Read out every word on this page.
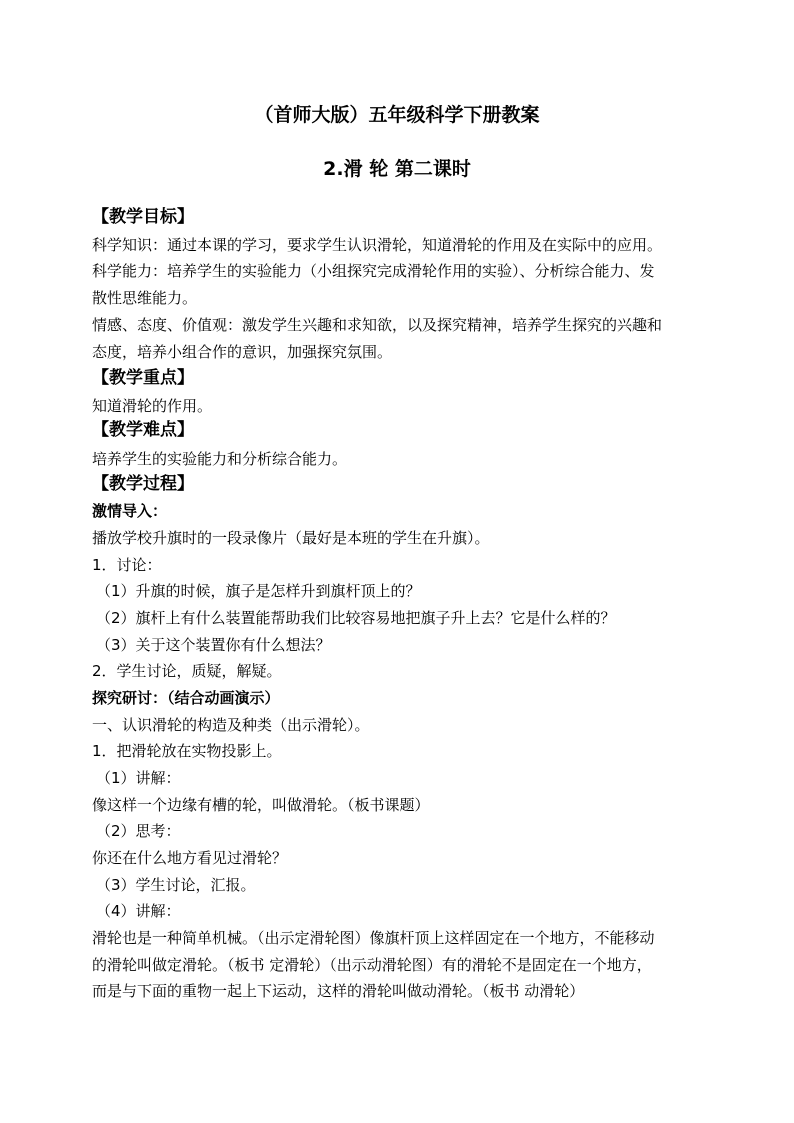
（首师大版）五年级科学下册教案
2.滑 轮 第二课时
【教学目标】
科学知识：通过本课的学习，要求学生认识滑轮，知道滑轮的作用及在实际中的应用。
科学能力：培养学生的实验能力（小组探究完成滑轮作用的实验）、分析综合能力、发
散性思维能力。
情感、态度、价值观：激发学生兴趣和求知欲，以及探究精神，培养学生探究的兴趣和
态度，培养小组合作的意识，加强探究氛围。
【教学重点】
知道滑轮的作用。
【教学难点】
培养学生的实验能力和分析综合能力。
【教学过程】
激情导入：
播放学校升旗时的一段录像片（最好是本班的学生在升旗）。
1．讨论：
（1）升旗的时候，旗子是怎样升到旗杆顶上的？
（2）旗杆上有什么装置能帮助我们比较容易地把旗子升上去？它是什么样的？
（3）关于这个装置你有什么想法？
2．学生讨论，质疑，解疑。
探究研讨：（结合动画演示）
一、认识滑轮的构造及种类（出示滑轮）。
1．把滑轮放在实物投影上。
（1）讲解：
像这样一个边缘有槽的轮，叫做滑轮。（板书课题）
（2）思考：
你还在什么地方看见过滑轮？
（3）学生讨论，汇报。
（4）讲解：
滑轮也是一种简单机械。（出示定滑轮图）像旗杆顶上这样固定在一个地方，不能移动
的滑轮叫做定滑轮。（板书 定滑轮）（出示动滑轮图）有的滑轮不是固定在一个地方，
而是与下面的重物一起上下运动，这样的滑轮叫做动滑轮。（板书 动滑轮）
